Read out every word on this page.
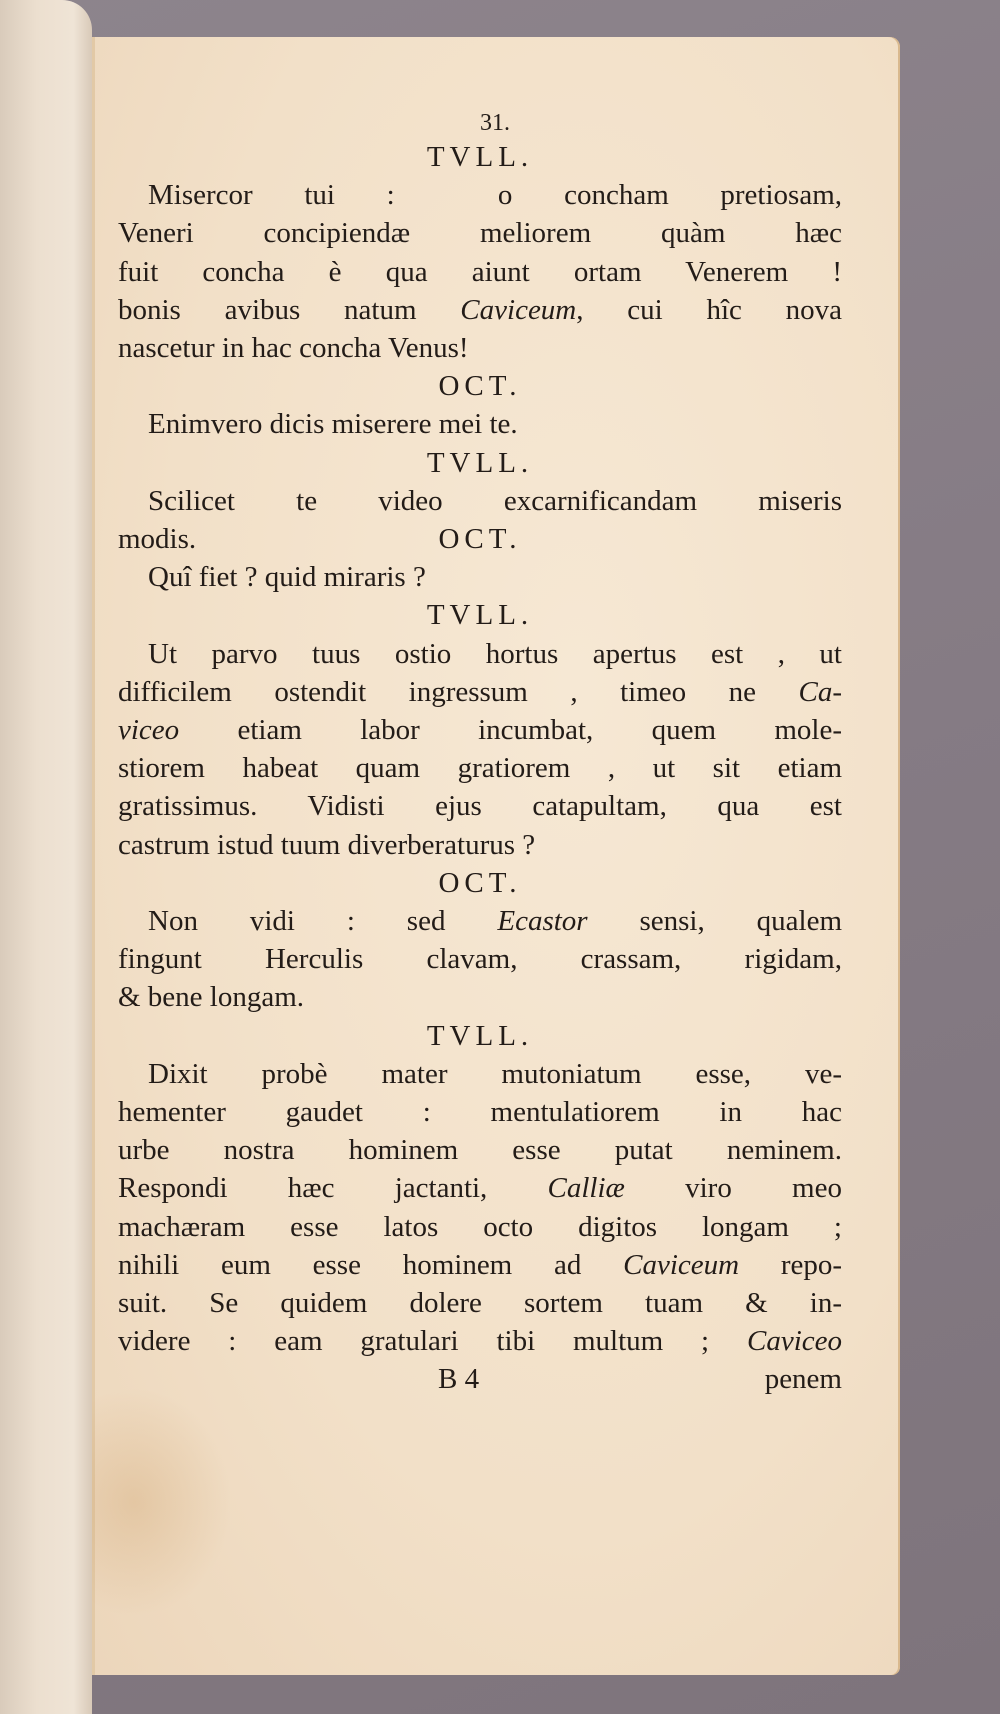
31.
TVLL.
Misercor tui :  o concham pretiosam,
Veneri concipiendæ meliorem quàm hæc
fuit concha è qua aiunt ortam Venerem !
bonis avibus natum Caviceum, cui hîc nova
nascetur in hac concha Venus!
OCT.
Enimvero dicis miserere mei te.
TVLL.
Scilicet te video excarnificandam miseris
modis.	OCT.
Quî fiet ? quid miraris ?
TVLL.
Ut parvo tuus ostio hortus apertus est , ut
difficilem ostendit ingressum , timeo ne Ca-
viceo etiam labor incumbat, quem mole-
stiorem habeat quam gratiorem , ut sit etiam
gratissimus. Vidisti ejus catapultam, qua est
castrum istud tuum diverberaturus ?
OCT.
Non vidi : sed Ecastor sensi, qualem
fingunt Herculis clavam, crassam, rigidam,
& bene longam.
TVLL.
Dixit probè mater mutoniatum esse, ve-
hementer gaudet : mentulatiorem in hac
urbe nostra hominem esse putat neminem.
Respondi hæc jactanti, Calliæ viro meo
machæram esse latos octo digitos longam ;
nihili eum esse hominem ad Caviceum repo-
suit. Se quidem dolere sortem tuam & in-
videre : eam gratulari tibi multum ; Caviceo
B 4	penem
